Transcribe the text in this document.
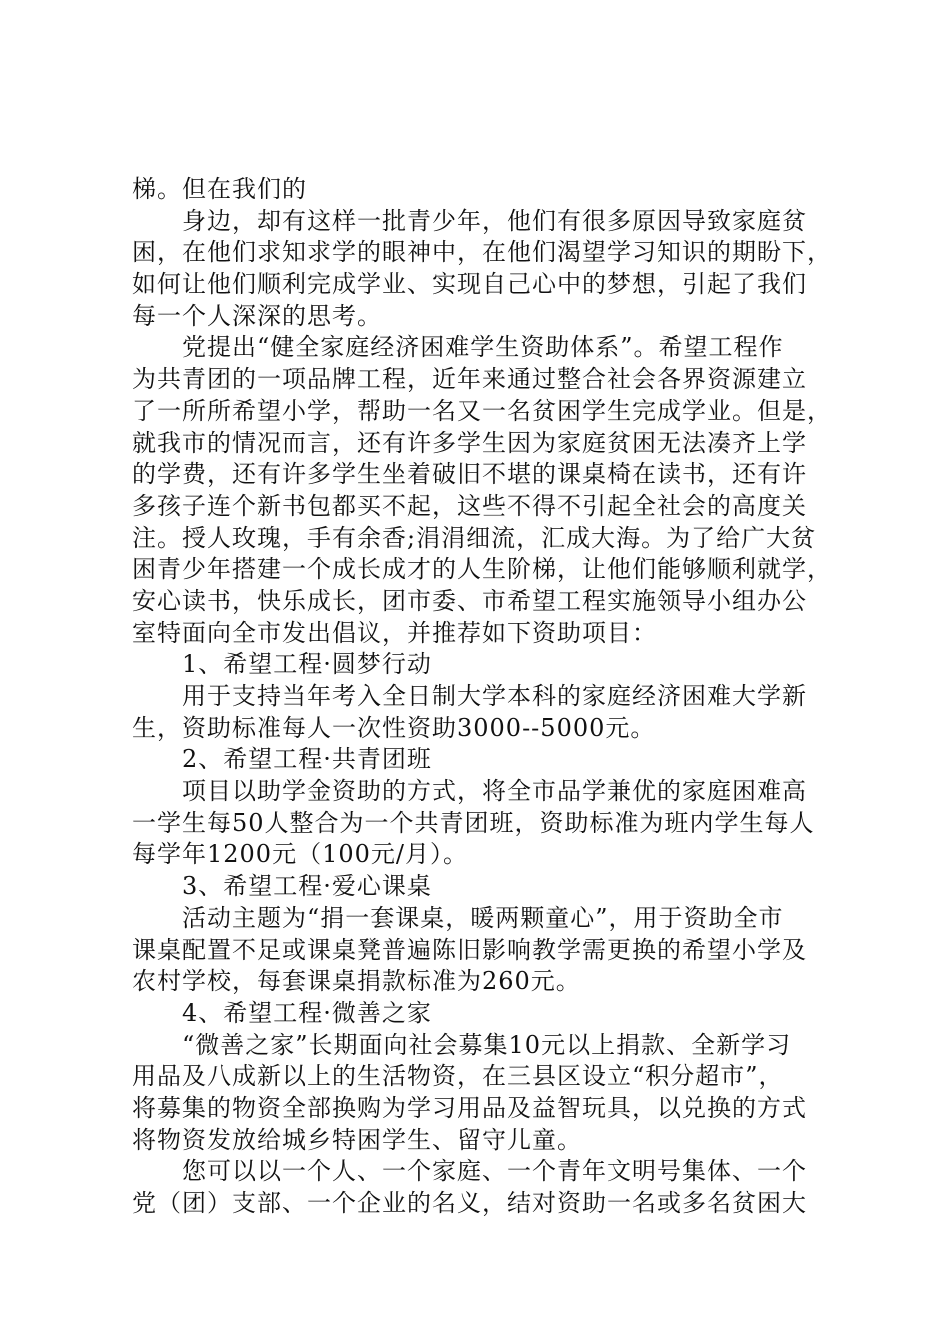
梯。但在我们的
身边，却有这样一批青少年，他们有很多原因导致家庭贫
困，在他们求知求学的眼神中，在他们渴望学习知识的期盼下，
如何让他们顺利完成学业、实现自己心中的梦想，引起了我们
每一个人深深的思考。
党提出“健全家庭经济困难学生资助体系”。希望工程作
为共青团的一项品牌工程，近年来通过整合社会各界资源建立
了一所所希望小学，帮助一名又一名贫困学生完成学业。但是，
就我市的情况而言，还有许多学生因为家庭贫困无法凑齐上学
的学费，还有许多学生坐着破旧不堪的课桌椅在读书，还有许
多孩子连个新书包都买不起，这些不得不引起全社会的高度关
注。授人玫瑰，手有余香;涓涓细流，汇成大海。为了给广大贫
困青少年搭建一个成长成才的人生阶梯，让他们能够顺利就学，
安心读书，快乐成长，团市委、市希望工程实施领导小组办公
室特面向全市发出倡议，并推荐如下资助项目：
1、希望工程·圆梦行动
用于支持当年考入全日制大学本科的家庭经济困难大学新
生，资助标准每人一次性资助3000--5000元。
2、希望工程·共青团班
项目以助学金资助的方式，将全市品学兼优的家庭困难高
一学生每50人整合为一个共青团班，资助标准为班内学生每人
每学年1200元（100元/月）。
3、希望工程·爱心课桌
活动主题为“捐一套课桌，暖两颗童心”，用于资助全市
课桌配置不足或课桌凳普遍陈旧影响教学需更换的希望小学及
农村学校，每套课桌捐款标准为260元。
4、希望工程·微善之家
“微善之家”长期面向社会募集10元以上捐款、全新学习
用品及八成新以上的生活物资，在三县区设立“积分超市”，
将募集的物资全部换购为学习用品及益智玩具，以兑换的方式
将物资发放给城乡特困学生、留守儿童。
您可以以一个人、一个家庭、一个青年文明号集体、一个
党（团）支部、一个企业的名义，结对资助一名或多名贫困大
